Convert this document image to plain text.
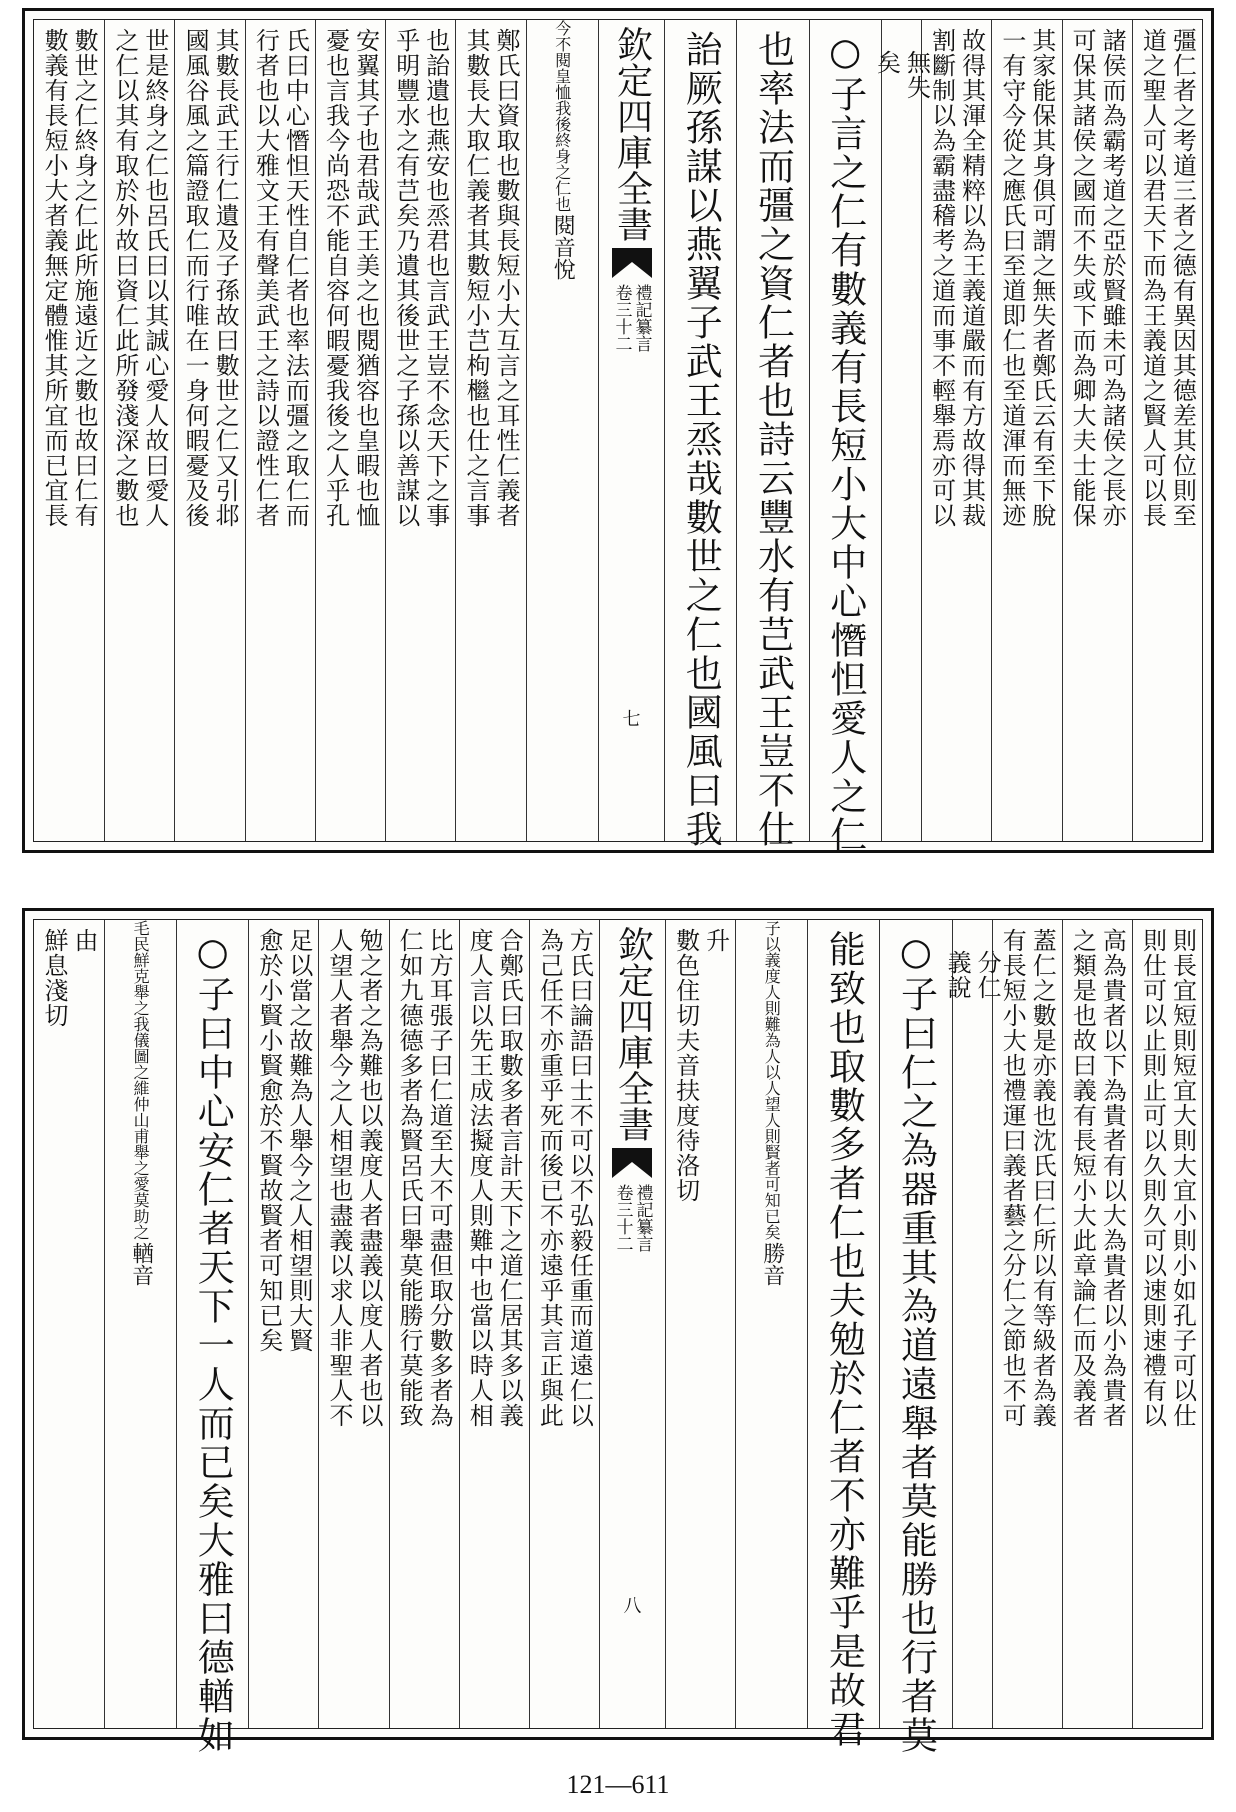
彊仁者之考道三者之德有異因其德差其位則至
道之聖人可以君天下而為王義道之賢人可以長
諸侯而為霸考道之亞於賢雖未可為諸侯之長亦
可保其諸侯之國而不失或下而為卿大夫士能保
其家能保其身俱可謂之無失者鄭氏云有至下脫
一有守今從之應氏曰至道即仁也至道渾而無迹
故得其渾全精粹以為王義道嚴而有方故得其裁
割斷制以為霸盡稽考之道而事不輕舉焉亦可以
無失
矣
○子言之仁有數義有長短小大中心憯怛愛人之仁
也率法而彊之資仁者也詩云豐水有芑武王豈不仕
詒厥孫謀以燕翼子武王烝哉數世之仁也國風曰我
欽定四庫全書
禮記纂言
卷三十二
七
今不閱皇恤我後終身之仁也
閱音悅
鄭氏曰資取也數與長短小大互言之耳性仁義者
其數長大取仁義者其數短小芑枸檵也仕之言事
也詒遺也燕安也烝君也言武王豈不念天下之事
乎明豐水之有芑矣乃遺其後世之子孫以善謀以
安翼其子也君哉武王美之也閱猶容也皇暇也恤
憂也言我今尚恐不能自容何暇憂我後之人乎孔
氏曰中心憯怛天性自仁者也率法而彊之取仁而
行者也以大雅文王有聲美武王之詩以證性仁者
其數長武王行仁遺及子孫故曰數世之仁又引邶
國風谷風之篇證取仁而行唯在一身何暇憂及後
世是終身之仁也呂氏曰以其誠心愛人故曰愛人
之仁以其有取於外故曰資仁此所發淺深之數也
數世之仁終身之仁此所施遠近之數也故曰仁有
數義有長短小大者義無定體惟其所宜而已宜長
則長宜短則短宜大則大宜小則小如孔子可以仕
則仕可以止則止可以久則久可以速則速禮有以
高為貴者以下為貴者有以大為貴者以小為貴者
之類是也故曰義有長短小大此章論仁而及義者
蓋仁之數是亦義也沈氏曰仁所以有等級者為義
有長短小大也禮運曰義者藝之分仁之節也不可
分仁
義說
○子曰仁之為器重其為道遠舉者莫能勝也行者莫
能致也取數多者仁也夫勉於仁者不亦難乎是故君
子以義度人則難為人以人望人則賢者可知已矣
勝音
升
數色住切夫音扶度待洛切
欽定四庫全書
禮記纂言
卷三十二
八
方氏曰論語曰士不可以不弘毅任重而道遠仁以
為己任不亦重乎死而後已不亦遠乎其言正與此
合鄭氏曰取數多者言計天下之道仁居其多以義
度人言以先王成法擬度人則難中也當以時人相
比方耳張子曰仁道至大不可盡但取分數多者為
仁如九德德多者為賢呂氏曰舉莫能勝行莫能致
勉之者之為難也以義度人者盡義以度人者也以
人望人者舉今之人相望也盡義以求人非聖人不
足以當之故難為人舉今之人相望則大賢
愈於小賢小賢愈於不賢故賢者可知已矣
○子曰中心安仁者天下一人而已矣大雅曰德輶如
毛民鮮克舉之我儀圖之維仲山甫舉之愛莫助之
輶音
由
鮮息淺切
121—611
